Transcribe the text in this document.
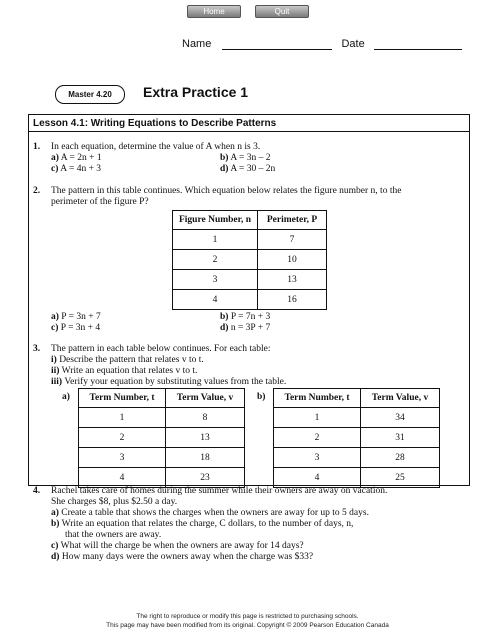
Home	Quit
Name	Date
Master 4.20	Extra Practice 1
Lesson 4.1: Writing Equations to Describe Patterns
1. In each equation, determine the value of A when n is 3.
a) A = 2n + 1	b) A = 3n – 2
c) A = 4n + 3	d) A = 30 – 2n
2. The pattern in this table continues. Which equation below relates the figure number n, to the
perimeter of the figure P?
Figure Number, n	Perimeter, P
1	7
2	10
3	13
4	16
a) P = 3n + 7	b) P = 7n + 3
c) P = 3n + 4	d) n = 3P + 7
3. The pattern in each table below continues. For each table:
i) Describe the pattern that relates v to t.
ii) Write an equation that relates v to t.
iii) Verify your equation by substituting values from the table.
a) Term Number, t	Term Value, v
1	8
2	13
3	18
4	23
b) Term Number, t	Term Value, v
1	34
2	31
3	28
4	25
4. Rachel takes care of homes during the summer while their owners are away on vacation.
She charges $8, plus $2.50 a day.
a) Create a table that shows the charges when the owners are away for up to 5 days.
b) Write an equation that relates the charge, C dollars, to the number of days, n,
that the owners are away.
c) What will the charge be when the owners are away for 14 days?
d) How many days were the owners away when the charge was $33?
The right to reproduce or modify this page is restricted to purchasing schools.
This page may have been modified from its original. Copyright © 2009 Pearson Education Canada
